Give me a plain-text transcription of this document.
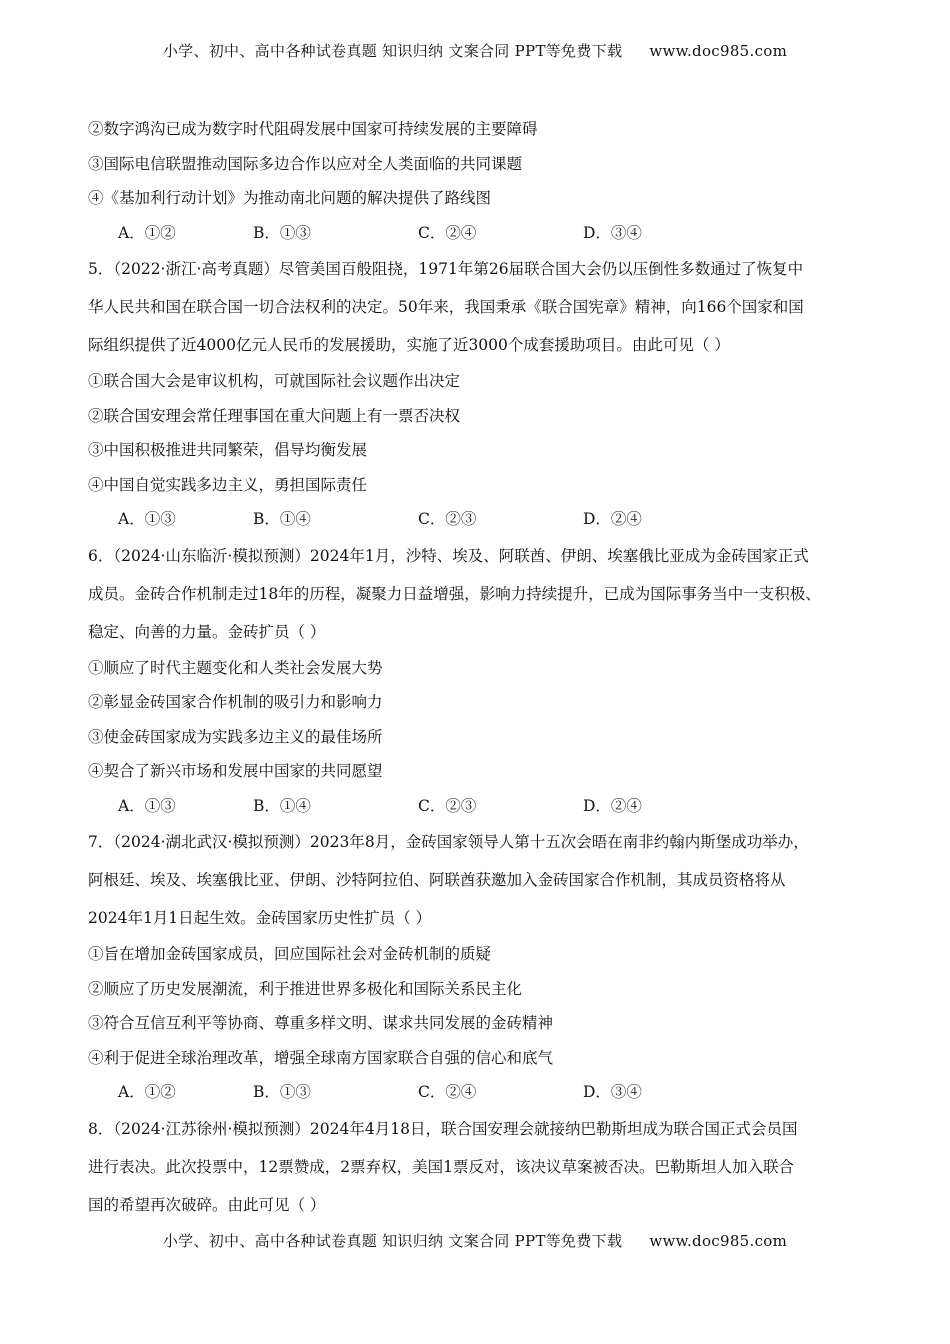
小学、初中、高中各种试卷真题 知识归纳 文案合同 PPT等免费下载 www.doc985.com
②数字鸿沟已成为数字时代阻碍发展中国家可持续发展的主要障碍
③国际电信联盟推动国际多边合作以应对全人类面临的共同课题
④《基加利行动计划》为推动南北问题的解决提供了路线图
A．①②	B．①③	C．②④	D．③④
5．（2022·浙江·高考真题）尽管美国百般阻挠，1971年第26届联合国大会仍以压倒性多数通过了恢复中
华人民共和国在联合国一切合法权利的决定。50年来，我国秉承《联合国宪章》精神，向166个国家和国
际组织提供了近4000亿元人民币的发展援助，实施了近3000个成套援助项目。由此可见（ ）
①联合国大会是审议机构，可就国际社会议题作出决定
②联合国安理会常任理事国在重大问题上有一票否决权
③中国积极推进共同繁荣，倡导均衡发展
④中国自觉实践多边主义，勇担国际责任
A．①③	B．①④	C．②③	D．②④
6．（2024·山东临沂·模拟预测）2024年1月，沙特、埃及、阿联酋、伊朗、埃塞俄比亚成为金砖国家正式
成员。金砖合作机制走过18年的历程，凝聚力日益增强，影响力持续提升，已成为国际事务当中一支积极、
稳定、向善的力量。金砖扩员（ ）
①顺应了时代主题变化和人类社会发展大势
②彰显金砖国家合作机制的吸引力和影响力
③使金砖国家成为实践多边主义的最佳场所
④契合了新兴市场和发展中国家的共同愿望
A．①③	B．①④	C．②③	D．②④
7．（2024·湖北武汉·模拟预测）2023年8月，金砖国家领导人第十五次会晤在南非约翰内斯堡成功举办，
阿根廷、埃及、埃塞俄比亚、伊朗、沙特阿拉伯、阿联酋获邀加入金砖国家合作机制，其成员资格将从
2024年1月1日起生效。金砖国家历史性扩员（ ）
①旨在增加金砖国家成员，回应国际社会对金砖机制的质疑
②顺应了历史发展潮流，利于推进世界多极化和国际关系民主化
③符合互信互利平等协商、尊重多样文明、谋求共同发展的金砖精神
④利于促进全球治理改革，增强全球南方国家联合自强的信心和底气
A．①②	B．①③	C．②④	D．③④
8．（2024·江苏徐州·模拟预测）2024年4月18日，联合国安理会就接纳巴勒斯坦成为联合国正式会员国
进行表决。此次投票中，12票赞成，2票弃权，美国1票反对，该决议草案被否决。巴勒斯坦人加入联合
国的希望再次破碎。由此可见（ ）
小学、初中、高中各种试卷真题 知识归纳 文案合同 PPT等免费下载 www.doc985.com
